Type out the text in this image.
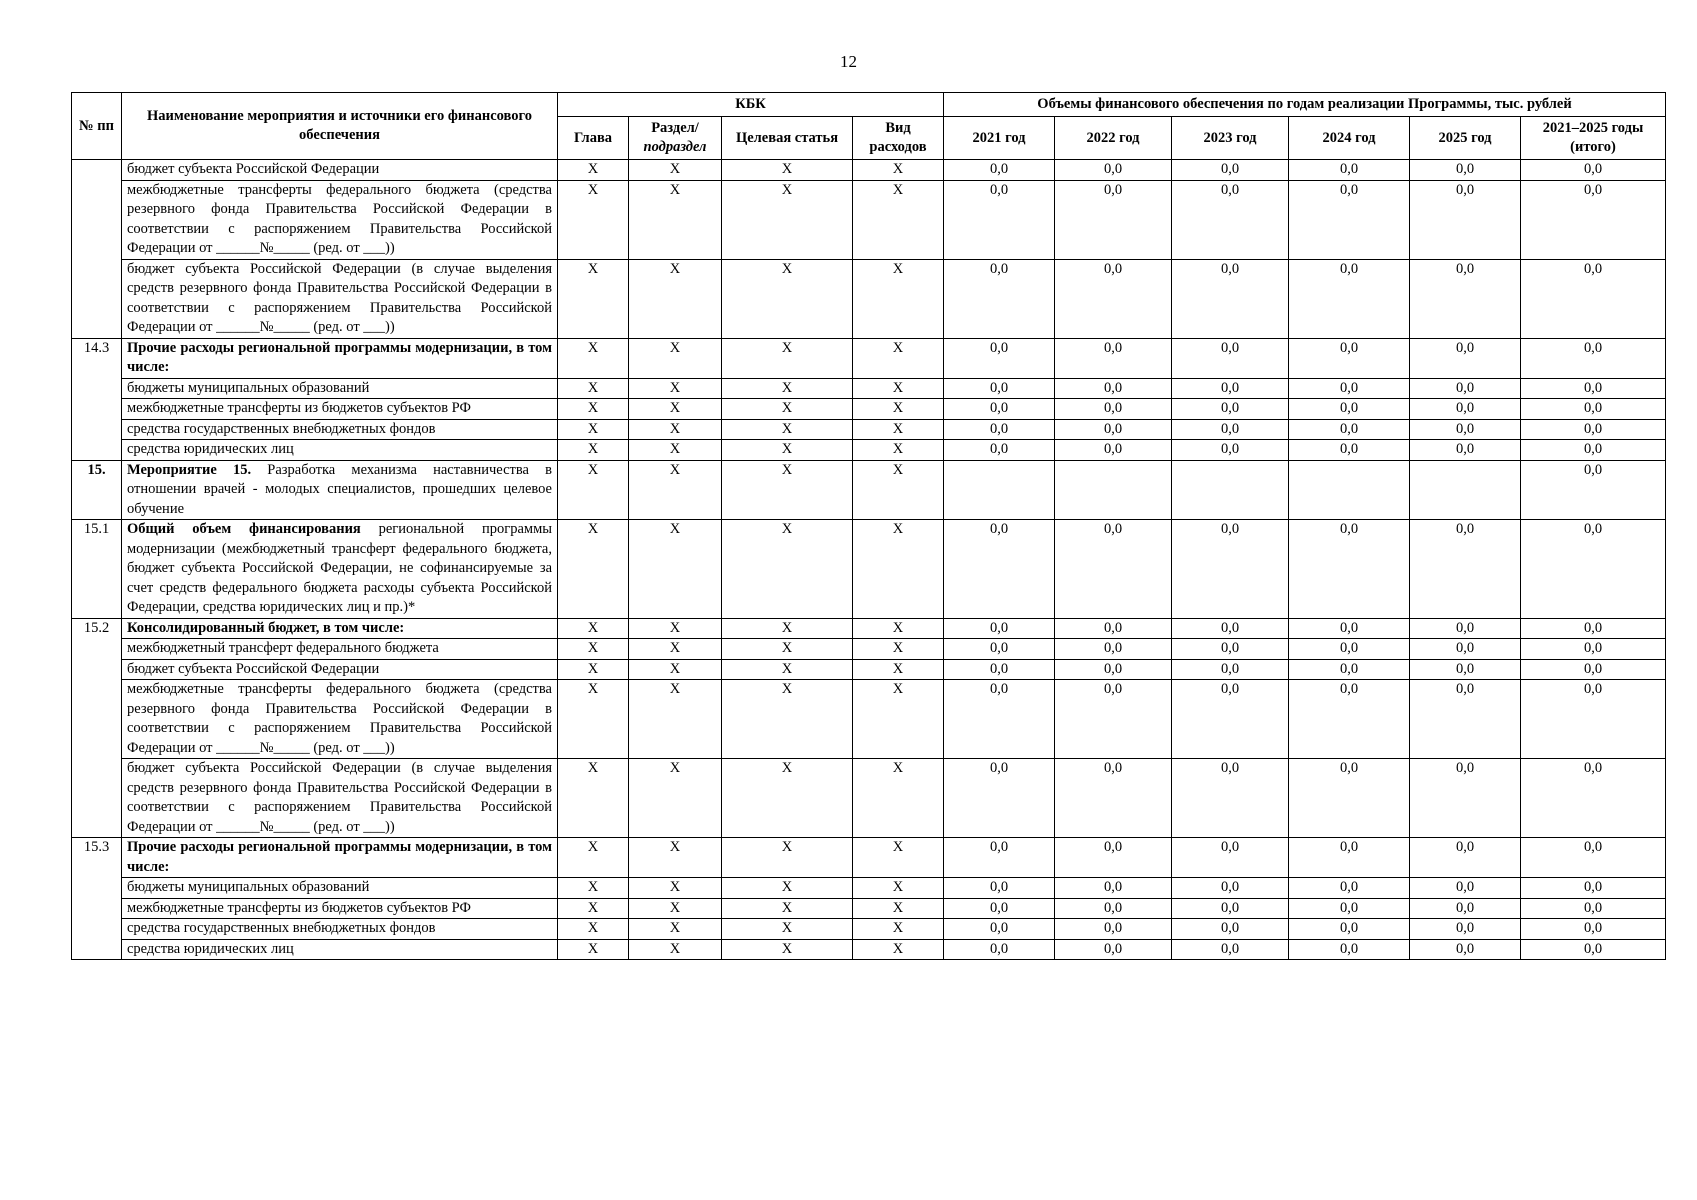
12
№ пп	Наименование мероприятия и источники его финансового обеспечения	КБК				Объемы финансового обеспечения по годам реализации Программы, тыс. рублей					
		Глава	Раздел/
подраздел	Целевая статья	Вид расходов	2021 год	2022 год	2023 год	2024 год	2025 год	2021–2025 годы (итого)
	бюджет субъекта Российской Федерации	Х	Х	Х	Х	0,0	0,0	0,0	0,0	0,0	0,0
	межбюджетные трансферты федерального бюджета (средства резервного фонда Правительства Российской Федерации в соответствии с распоряжением Правительства Российской Федерации от ______№_____ (ред. от ___))	Х	Х	Х	Х	0,0	0,0	0,0	0,0	0,0	0,0
	бюджет субъекта Российской Федерации (в случае выделения средств резервного фонда Правительства Российской Федерации в соответствии с распоряжением Правительства Российской Федерации от ______№_____ (ред. от ___))	Х	Х	Х	Х	0,0	0,0	0,0	0,0	0,0	0,0
14.3	Прочие расходы региональной программы модернизации, в том числе:	Х	Х	Х	Х	0,0	0,0	0,0	0,0	0,0	0,0
	бюджеты муниципальных образований	Х	Х	Х	Х	0,0	0,0	0,0	0,0	0,0	0,0
	межбюджетные трансферты из бюджетов субъектов РФ	Х	Х	Х	Х	0,0	0,0	0,0	0,0	0,0	0,0
	средства государственных внебюджетных фондов	Х	Х	Х	Х	0,0	0,0	0,0	0,0	0,0	0,0
	средства юридических лиц	Х	Х	Х	Х	0,0	0,0	0,0	0,0	0,0	0,0
15.	Мероприятие 15. Разработка механизма наставничества в отношении врачей - молодых специалистов, прошедших целевое обучение	Х	Х	Х	Х						0,0
15.1	Общий объем финансирования региональной программы модернизации (межбюджетный трансферт федерального бюджета, бюджет субъекта Российской Федерации, не софинансируемые за счет средств федерального бюджета расходы субъекта Российской Федерации, средства юридических лиц и пр.)*	Х	Х	Х	Х	0,0	0,0	0,0	0,0	0,0	0,0
15.2	Консолидированный бюджет, в том числе:	Х	Х	Х	Х	0,0	0,0	0,0	0,0	0,0	0,0
	межбюджетный трансферт федерального бюджета	Х	Х	Х	Х	0,0	0,0	0,0	0,0	0,0	0,0
	бюджет субъекта Российской Федерации	Х	Х	Х	Х	0,0	0,0	0,0	0,0	0,0	0,0
	межбюджетные трансферты федерального бюджета (средства резервного фонда Правительства Российской Федерации в соответствии с распоряжением Правительства Российской Федерации от ______№_____ (ред. от ___))	Х	Х	Х	Х	0,0	0,0	0,0	0,0	0,0	0,0
	бюджет субъекта Российской Федерации (в случае выделения средств резервного фонда Правительства Российской Федерации в соответствии с распоряжением Правительства Российской Федерации от ______№_____ (ред. от ___))	Х	Х	Х	Х	0,0	0,0	0,0	0,0	0,0	0,0
15.3	Прочие расходы региональной программы модернизации, в том числе:	Х	Х	Х	Х	0,0	0,0	0,0	0,0	0,0	0,0
	бюджеты муниципальных образований	Х	Х	Х	Х	0,0	0,0	0,0	0,0	0,0	0,0
	межбюджетные трансферты из бюджетов субъектов РФ	Х	Х	Х	Х	0,0	0,0	0,0	0,0	0,0	0,0
	средства государственных внебюджетных фондов	Х	Х	Х	Х	0,0	0,0	0,0	0,0	0,0	0,0
	средства юридических лиц	Х	Х	Х	Х	0,0	0,0	0,0	0,0	0,0	0,0
